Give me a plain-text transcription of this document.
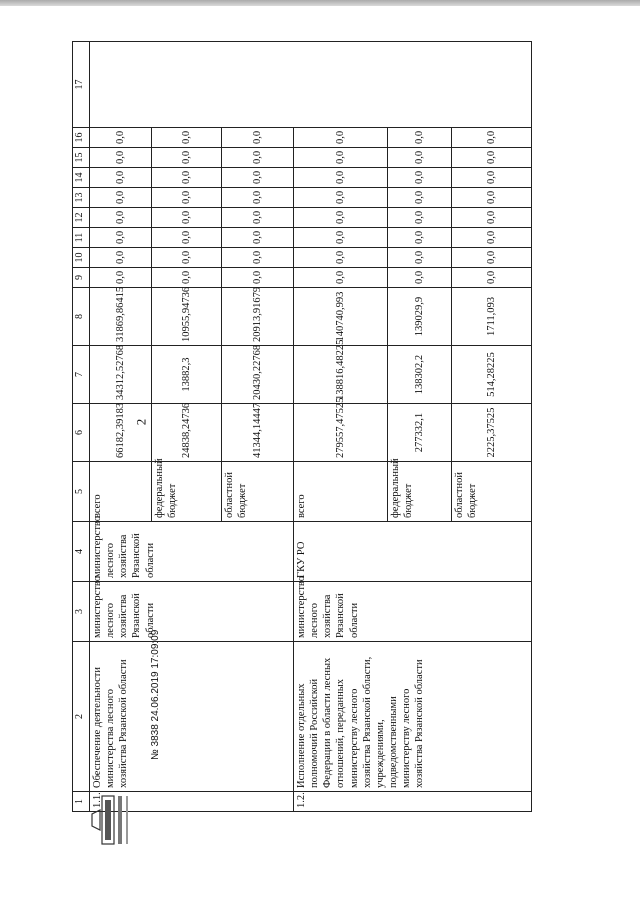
2
1	2	3	4	5	6	7	8	9	10	11	12	13	14	15	16	17
1.1.	Обеспечение деятельности министерства лесного хозяйства Рязанской области	министерство лесного хозяйства Рязанской области	министерство лесного хозяйства Рязанской области	всего	66182,39183	34312,52768	31869,86415	0,0	0,0	0,0	0,0	0,0	0,0	0,0	0,0	
				федеральный бюджет	24838,24736	13882,3	10955,94736	0,0	0,0	0,0	0,0	0,0	0,0	0,0	0,0	
				областной бюджет	41344,14447	20430,22768	20913,91679	0,0	0,0	0,0	0,0	0,0	0,0	0,0	0,0	
1.2.	Исполнение отдельных полномочий Российской Федерации в области лесных отношений, переданных министерству лесного хозяйства Рязанской области, учреждениями, подведомственными министерству лесного хозяйства Рязанской области	министерство лесного хозяйства Рязанской области	ГКУ РО	всего	279557,47525	138816,48225	140740,993	0,0	0,0	0,0	0,0	0,0	0,0	0,0	0,0	
				федеральный бюджет	277332,1	138302,2	139029,9	0,0	0,0	0,0	0,0	0,0	0,0	0,0	0,0	
				областной бюджет	2225,37525	514,28225	1711,093	0,0	0,0	0,0	0,0	0,0	0,0	0,0	0,0	
№ 3838 24.06.2019 17:09:09
